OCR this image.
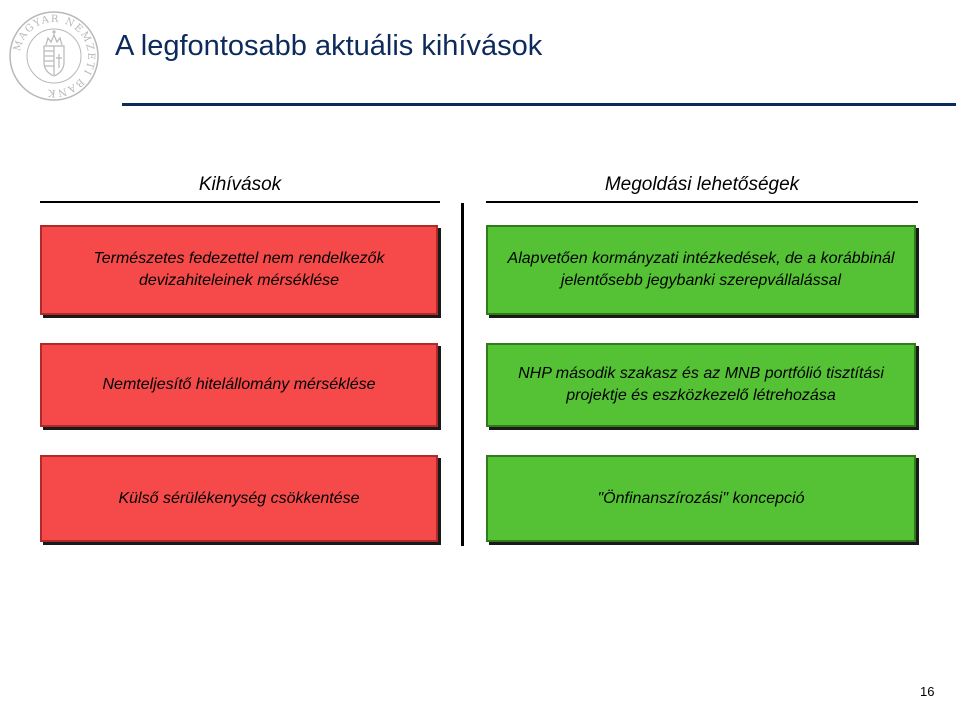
MAGYAR NEMZETI BANK
A legfontosabb aktuális kihívások
Kihívások	Megoldási lehetőségek
Természetes fedezettel nem rendelkezők devizahiteleinek mérséklése
Alapvetően kormányzati intézkedések, de a korábbinál jelentősebb jegybanki szerepvállalással
Nemteljesítő hitelállomány mérséklése
NHP második szakasz és az MNB portfólió tisztítási projektje és eszközkezelő létrehozása
Külső sérülékenység csökkentése	"Önfinanszírozási" koncepció
16
